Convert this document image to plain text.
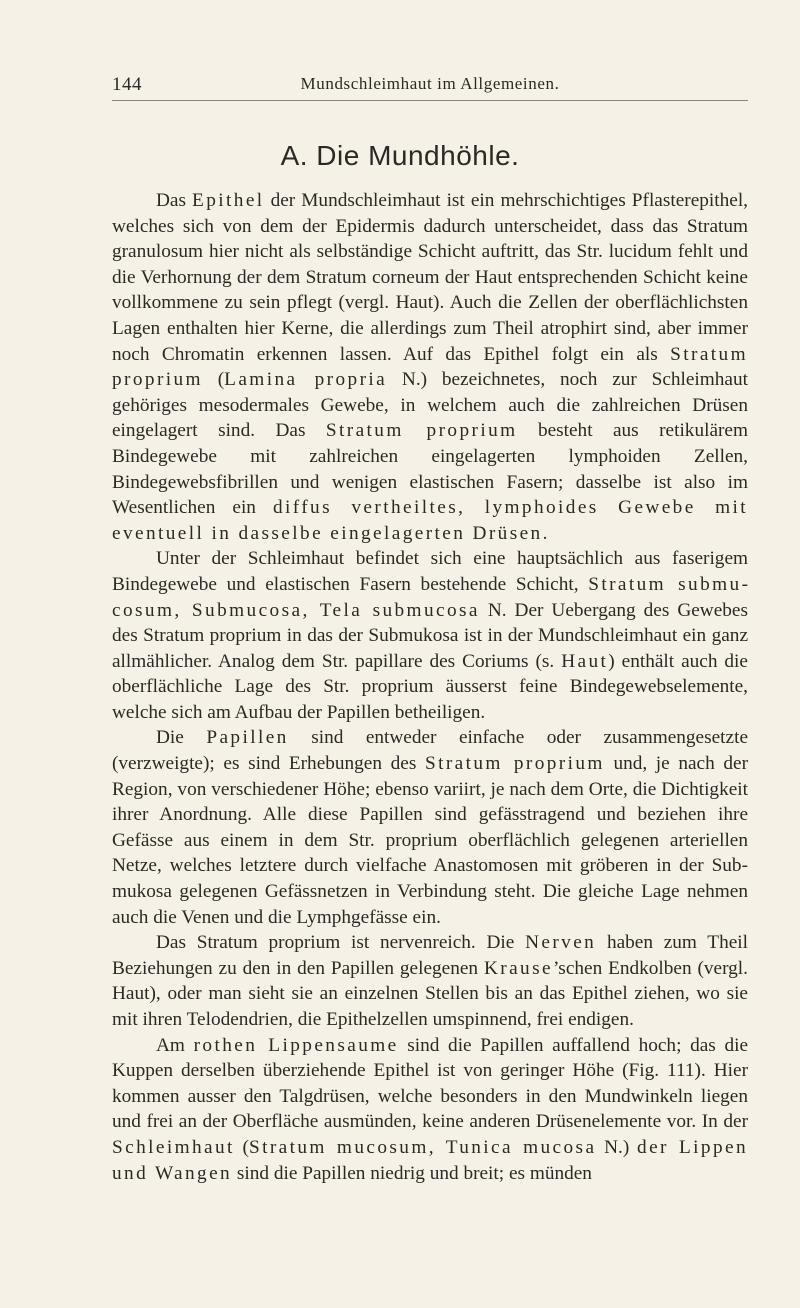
144	Mundschleimhaut im Allgemeinen.
A. Die Mundhöhle.

Das Epithel der Mundschleimhaut ist ein mehrschichtiges Pflasterepithel, welches sich von dem der Epidermis dadurch unterscheidet, dass das Stratum granulosum hier nicht als selbständige Schicht auftritt, das Str. lucidum fehlt und die Verhornung der dem Stratum corneum der Haut entsprechenden Schicht keine vollkommene zu sein pflegt (vergl. Haut). Auch die Zellen der oberflächlichsten Lagen enthalten hier Kerne, die allerdings zum Theil atrophirt sind, aber immer noch Chromatin erkennen lassen. Auf das Epithel folgt ein als Stratum proprium (Lamina propria N.) bezeichnetes, noch zur Schleimhaut gehöriges mesodermales Gewebe, in welchem auch die zahlreichen Drüsen eingelagert sind. Das Stratum proprium besteht aus retikulärem Bindegewebe mit zahlreichen eingelagerten lymphoiden Zellen, Bindegewebsfibrillen und wenigen elastischen Fasern; dasselbe ist also im Wesentlichen ein diffus vertheiltes, lymphoides Gewebe mit eventuell in dasselbe eingelagerten Drüsen.

Unter der Schleimhaut befindet sich eine hauptsächlich aus faserigem Bindegewebe und elastischen Fasern bestehende Schicht, Stratum submucosum, Submucosa, Tela submucosa N. Der Uebergang des Gewebes des Stratum proprium in das der Submukosa ist in der Mundschleimhaut ein ganz allmählicher. Analog dem Str. papillare des Coriums (s. Haut) enthält auch die oberflächliche Lage des Str. proprium äusserst feine Bindegewebselemente, welche sich am Aufbau der Papillen betheiligen.

Die Papillen sind entweder einfache oder zusammengesetzte (verzweigte); es sind Erhebungen des Stratum proprium und, je nach der Region, von verschiedener Höhe; ebenso variirt, je nach dem Orte, die Dichtigkeit ihrer Anordnung. Alle diese Papillen sind gefässtragend und beziehen ihre Gefässe aus einem in dem Str. proprium oberflächlich gelegenen arteriellen Netze, welches letztere durch vielfache Anastomosen mit gröberen in der Submukosa gelegenen Gefässnetzen in Verbindung steht. Die gleiche Lage nehmen auch die Venen und die Lymphgefässe ein.

Das Stratum proprium ist nervenreich. Die Nerven haben zum Theil Beziehungen zu den in den Papillen gelegenen Krause’schen Endkolben (vergl. Haut), oder man sieht sie an einzelnen Stellen bis an das Epithel ziehen, wo sie mit ihren Telodendrien, die Epithelzellen umspinnend, frei endigen.

Am rothen Lippensaume sind die Papillen auffallend hoch; das die Kuppen derselben überziehende Epithel ist von geringer Höhe (Fig. 111). Hier kommen ausser den Talgdrüsen, welche besonders in den Mundwinkeln liegen und frei an der Oberfläche ausmünden, keine anderen Drüsenelemente vor. In der Schleimhaut (Stratum mucosum, Tunica mucosa N.) der Lippen und Wangen sind die Papillen niedrig und breit; es münden
